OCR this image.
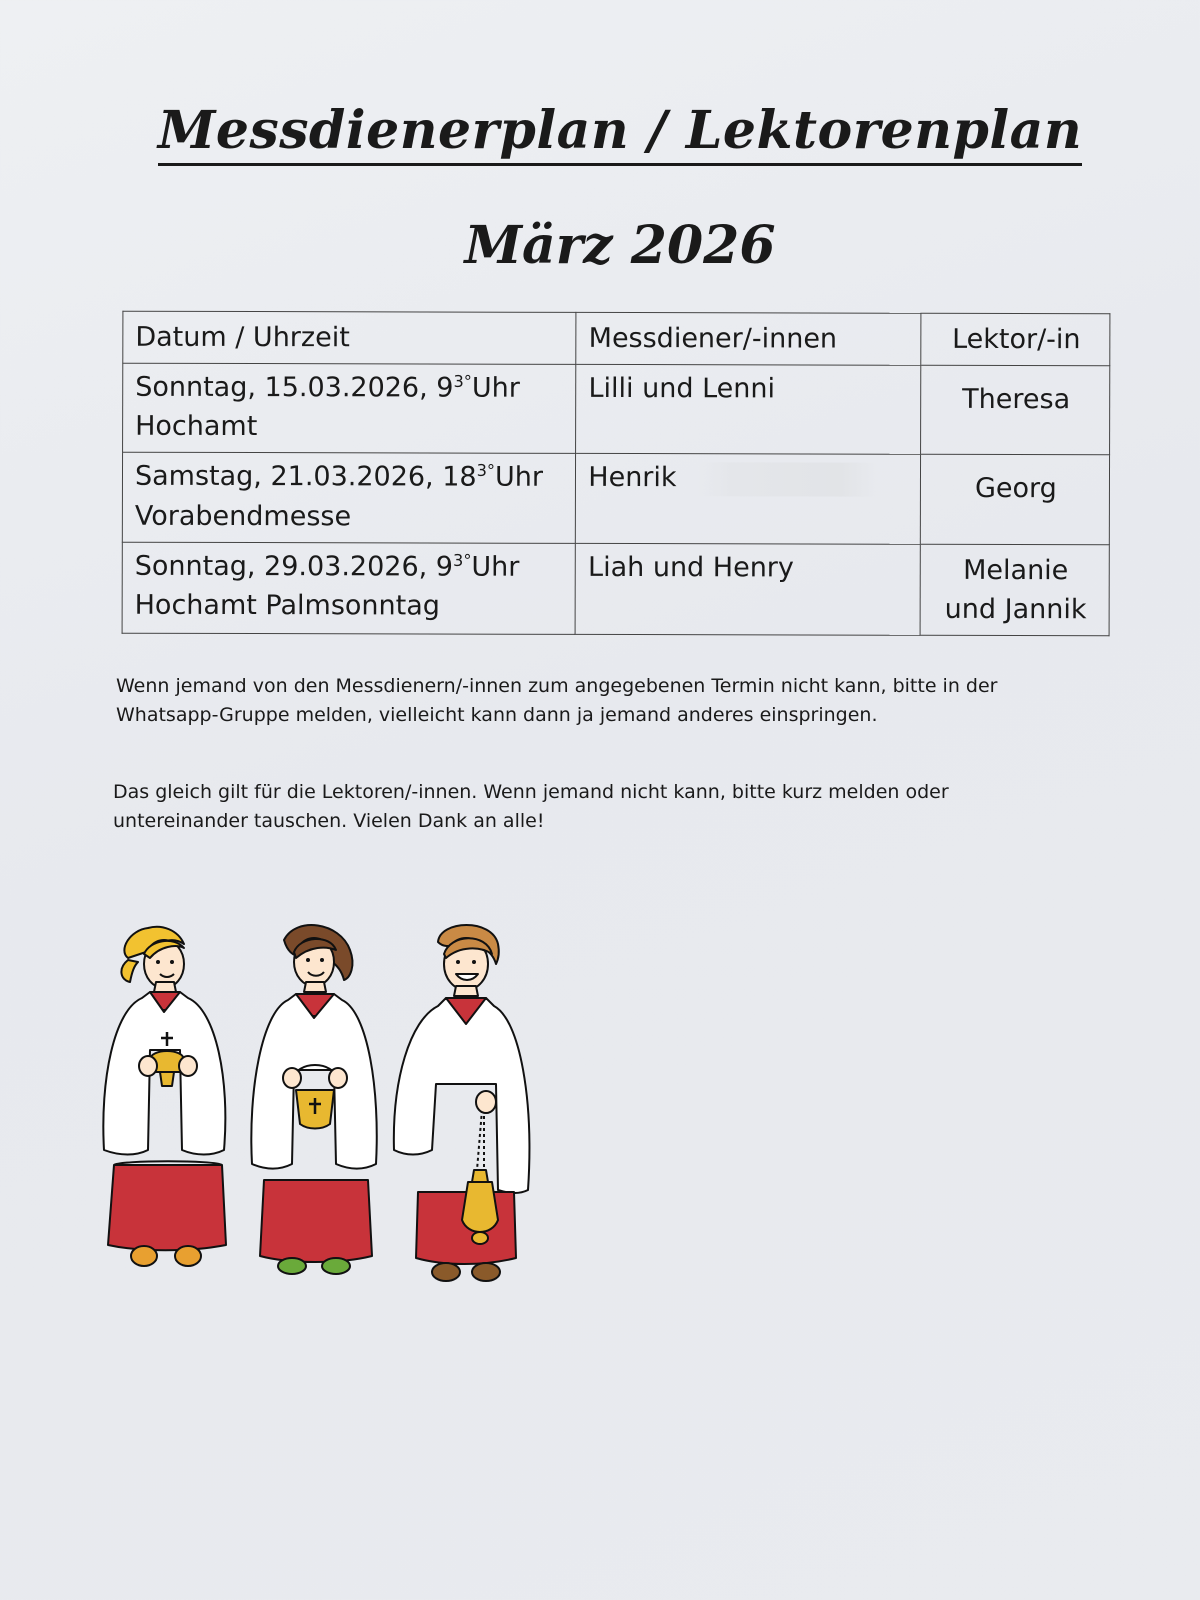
Messdienerplan / Lektorenplan
März 2026
Datum / Uhrzeit	Messdiener/-innen	Lektor/-in
Sonntag, 15.03.2026, $9^{3^\circ}Uhr$
Hochamt	Lilli und Lenni	Theresa
Samstag, 21.03.2026, $18^{3^\circ}Uhr$
Vorabendmesse	Henrik	Georg
Sonntag, 29.03.2026, $9^{3^\circ}Uhr$
Hochamt Palmsonntag	Liah und Henry	Melanie
und Jannik

Wenn jemand von den Messdienern/-innen zum angegebenen Termin nicht kann, bitte in der Whatsapp-Gruppe melden, vielleicht kann dann ja jemand anderes einspringen.

Das gleich gilt für die Lektoren/-innen. Wenn jemand nicht kann, bitte kurz melden oder untereinander tauschen. Vielen Dank an alle!
